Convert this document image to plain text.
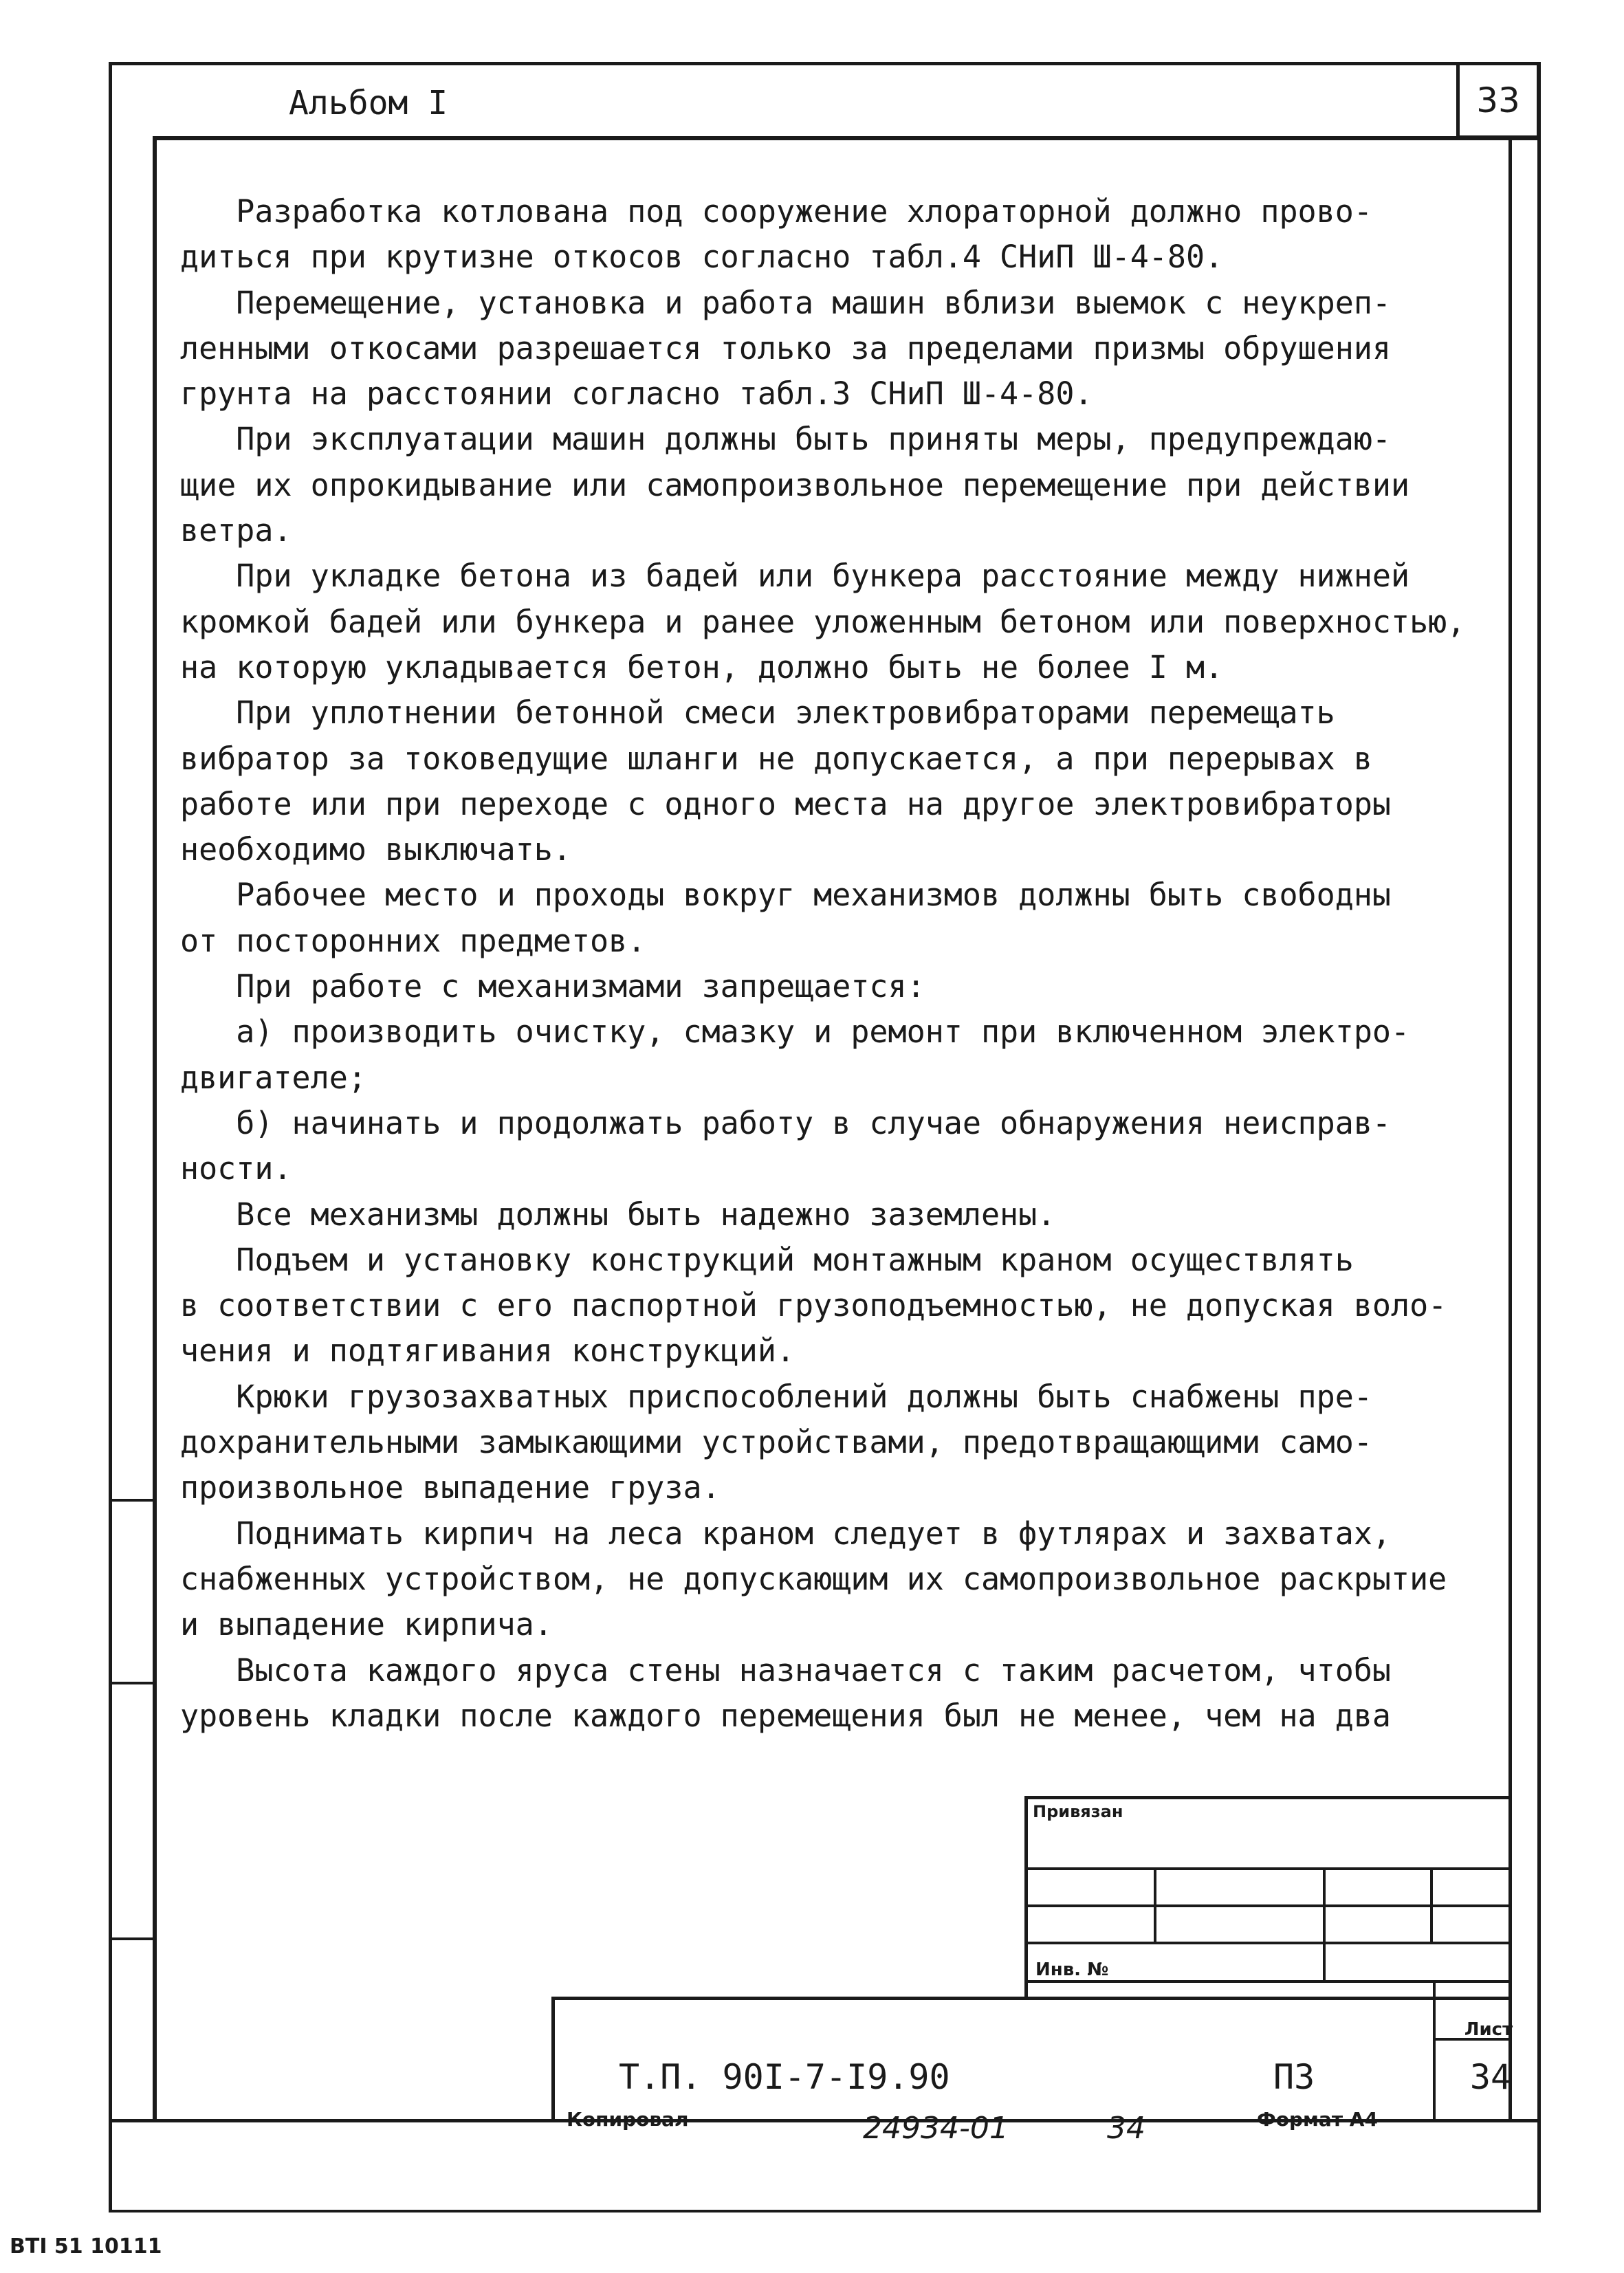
Альбом I	33
Разработка котлована под сооружение хлораторной должно прово-
диться при крутизне откосов согласно табл.4 СНиП Ш-4-80.
Перемещение, установка и работа машин вблизи выемок с неукреп-
ленными откосами разрешается только за пределами призмы обрушения
грунта на расстоянии согласно табл.3 СНиП Ш-4-80.
При эксплуатации машин должны быть приняты меры, предупреждаю-
щие их опрокидывание или самопроизвольное перемещение при действии
ветра.
При укладке бетона из бадей или бункера расстояние между нижней
кромкой бадей или бункера и ранее уложенным бетоном или поверхностью,
на которую укладывается бетон, должно быть не более I м.
При уплотнении бетонной смеси электровибраторами перемещать
вибратор за токоведущие шланги не допускается, а при перерывах в
работе или при переходе с одного места на другое электровибраторы
необходимо выключать.
Рабочее место и проходы вокруг механизмов должны быть свободны
от посторонних предметов.
При работе с механизмами запрещается:
а) производить очистку, смазку и ремонт при включенном электро-
двигателе;
б) начинать и продолжать работу в случае обнаружения неисправ-
ности.
Все механизмы должны быть надежно заземлены.
Подъем и установку конструкций монтажным краном осуществлять
в соответствии с его паспортной грузоподъемностью, не допуская воло-
чения и подтягивания конструкций.
Крюки грузозахватных приспособлений должны быть снабжены пре-
дохранительными замыкающими устройствами, предотвращающими само-
произвольное выпадение груза.
Поднимать кирпич на леса краном следует в футлярах и захватах,
снабженных устройством, не допускающим их самопроизвольное раскрытие
и выпадение кирпича.
Высота каждого яруса стены назначается с таким расчетом, чтобы
уровень кладки после каждого перемещения был не менее, чем на два
Привязан
Инв. №
Т.П. 90I-7-I9.90	ПЗ
Лист
34
Копировал	24934-01	34	Формат А4
ВТI 51 10111
